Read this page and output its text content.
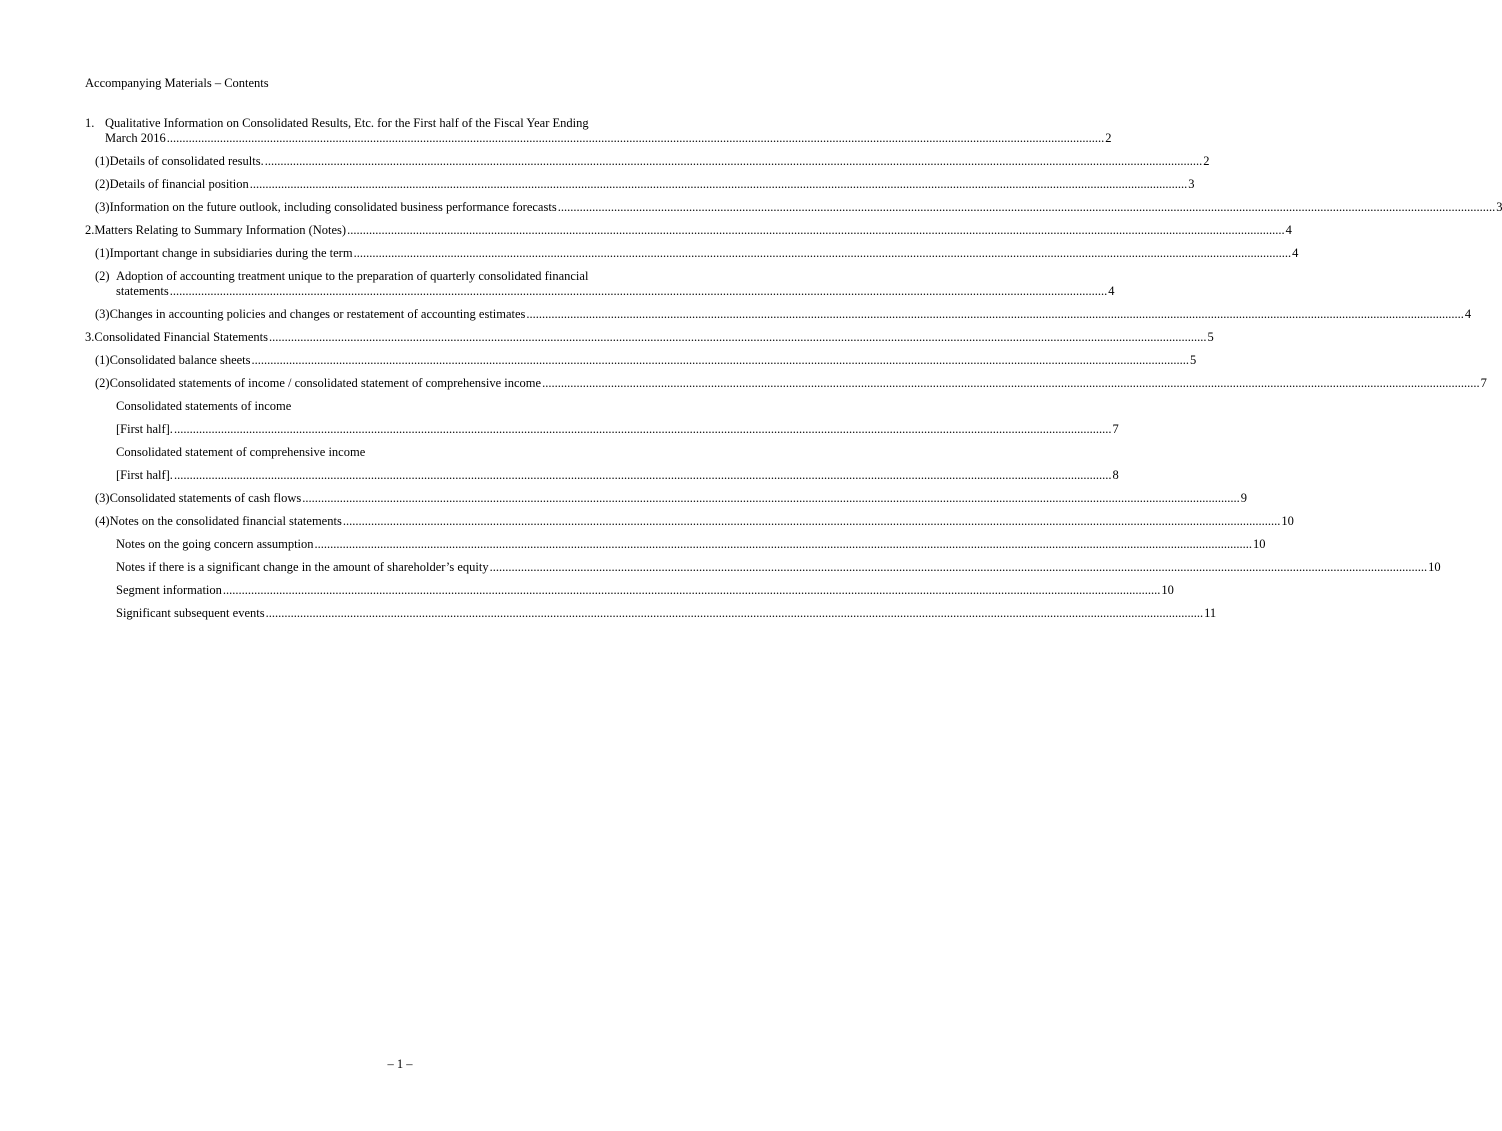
Accompanying Materials – Contents
1. Qualitative Information on Consolidated Results, Etc. for the First half of the Fiscal Year Ending
March 2016 ............................................................................................................................................................................................................................................................................................................ 2
(1) Details of consolidated results. ............................................................................................................................................................................................................................................................................................................ 2
(2) Details of financial position ............................................................................................................................................................................................................................................................................................................ 3
(3) Information on the future outlook, including consolidated business performance forecasts ............................................................................................................................................................................................................................................................................................................ 3
2. Matters Relating to Summary Information (Notes) ............................................................................................................................................................................................................................................................................................................ 4
(1) Important change in subsidiaries during the term ............................................................................................................................................................................................................................................................................................................ 4
(2) Adoption of accounting treatment unique to the preparation of quarterly consolidated financial
statements ............................................................................................................................................................................................................................................................................................................ 4
(3) Changes in accounting policies and changes or restatement of accounting estimates ............................................................................................................................................................................................................................................................................................................ 4
3. Consolidated Financial Statements ............................................................................................................................................................................................................................................................................................................ 5
(1) Consolidated balance sheets ............................................................................................................................................................................................................................................................................................................ 5
(2) Consolidated statements of income / consolidated statement of comprehensive income ............................................................................................................................................................................................................................................................................................................ 7
Consolidated statements of income
[First half]. ............................................................................................................................................................................................................................................................................................................ 7
Consolidated statement of comprehensive income
[First half]. ............................................................................................................................................................................................................................................................................................................ 8
(3) Consolidated statements of cash flows ............................................................................................................................................................................................................................................................................................................ 9
(4) Notes on the consolidated financial statements ............................................................................................................................................................................................................................................................................................................ 10
Notes on the going concern assumption ............................................................................................................................................................................................................................................................................................................ 10
Notes if there is a significant change in the amount of shareholder’s equity ............................................................................................................................................................................................................................................................................................................ 10
Segment information ............................................................................................................................................................................................................................................................................................................ 10
Significant subsequent events ............................................................................................................................................................................................................................................................................................................ 11
– 1 –
